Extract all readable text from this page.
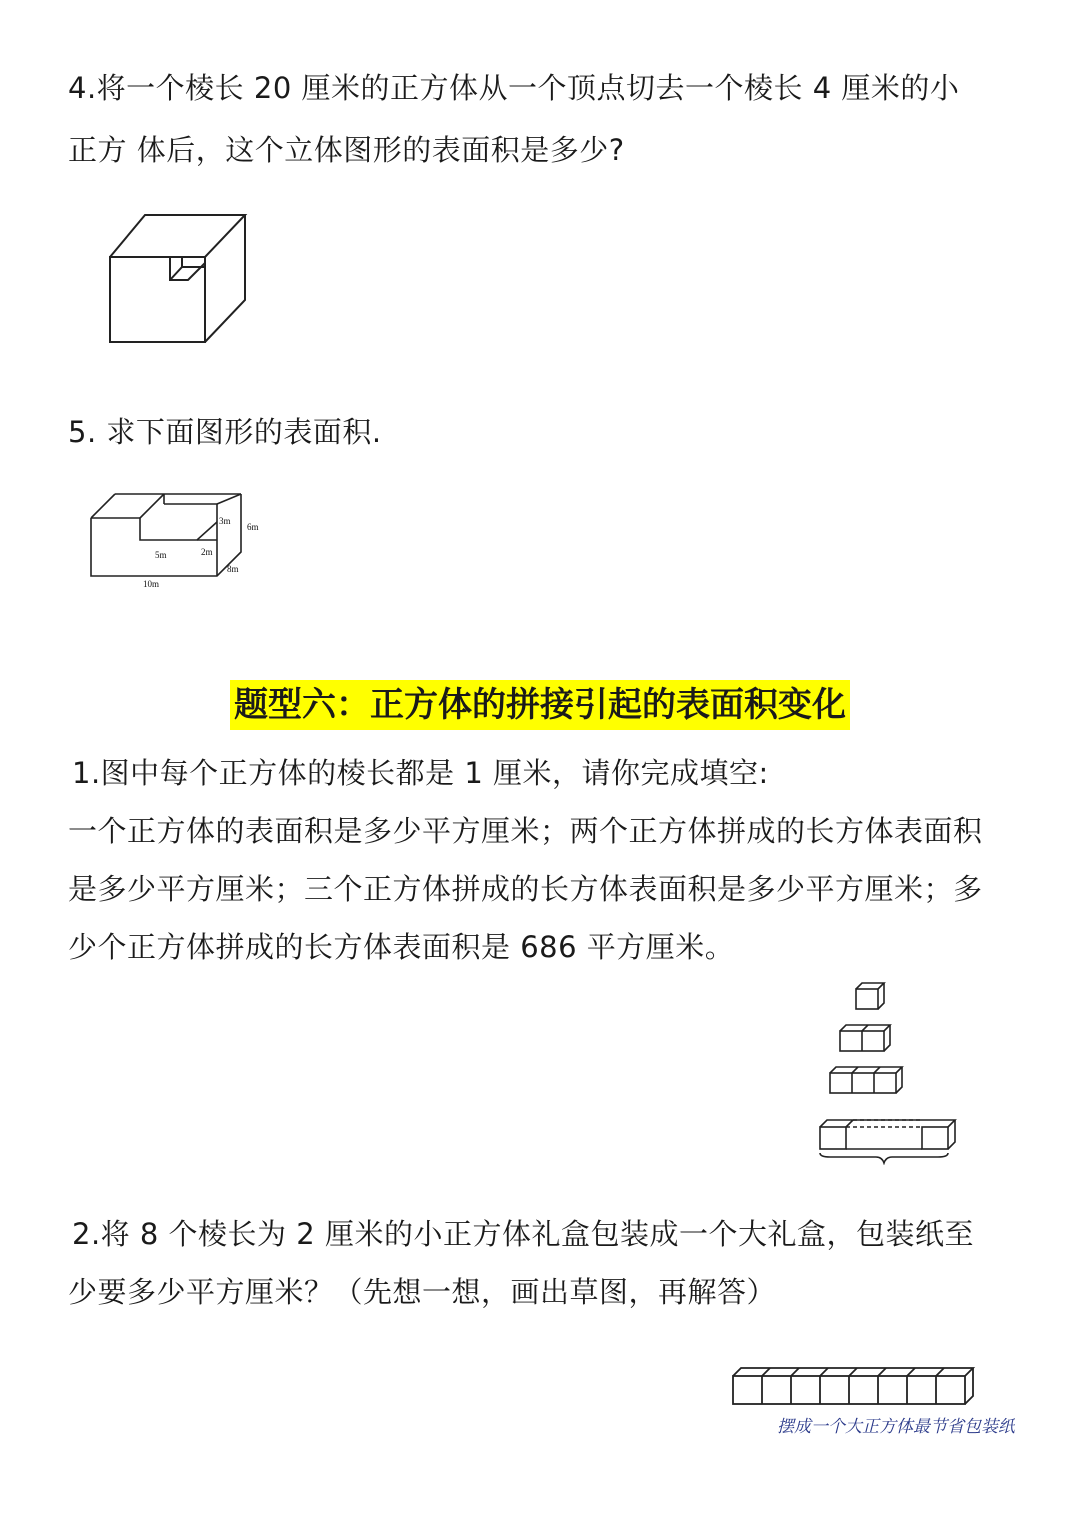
4.将一个棱长 20 厘米的正方体从一个顶点切去一个棱长 4 厘米的小
正方 体后，这个立体图形的表面积是多少?
5. 求下面图形的表面积.
3m
6m
5m	2m
8m
10m
题型六：正方体的拼接引起的表面积变化
1.图中每个正方体的棱长都是 1 厘米，请你完成填空:
一个正方体的表面积是多少平方厘米；两个正方体拼成的长方体表面积
是多少平方厘米；三个正方体拼成的长方体表面积是多少平方厘米；多
少个正方体拼成的长方体表面积是 686 平方厘米。
2.将 8 个棱长为 2 厘米的小正方体礼盒包装成一个大礼盒，包装纸至
少要多少平方厘米？（先想一想，画出草图，再解答）
摆成一个大正方体最节省包装纸
